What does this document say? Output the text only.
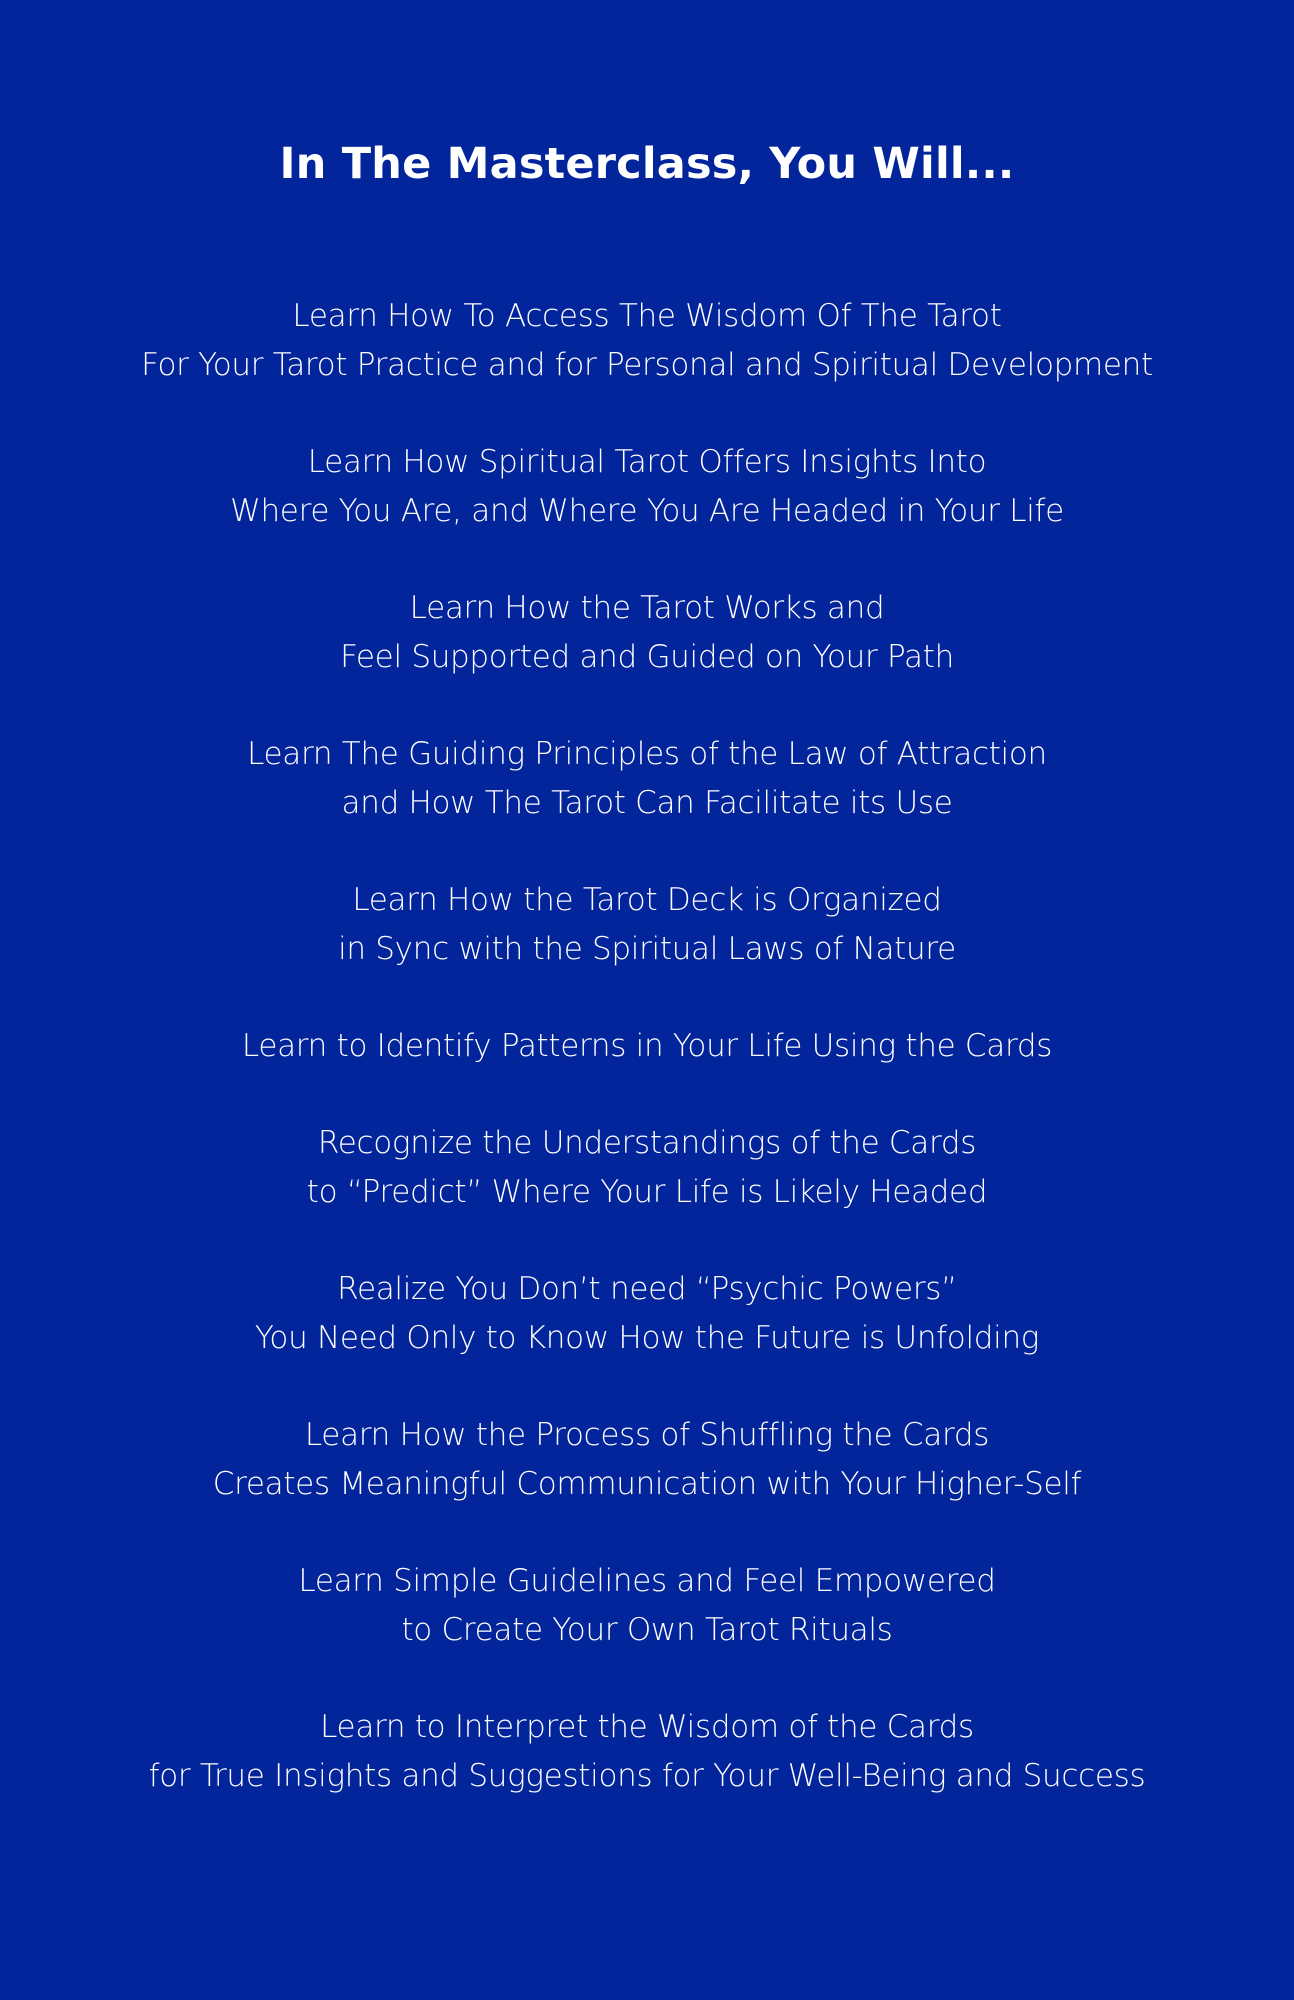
In The Masterclass, You Will...
Learn How To Access The Wisdom Of The Tarot
For Your Tarot Practice and for Personal and Spiritual Development
Learn How Spiritual Tarot Offers Insights Into
Where You Are, and Where You Are Headed in Your Life
Learn How the Tarot Works and
Feel Supported and Guided on Your Path
Learn The Guiding Principles of the Law of Attraction
and How The Tarot Can Facilitate its Use
Learn How the Tarot Deck is Organized
in Sync with the Spiritual Laws of Nature
Learn to Identify Patterns in Your Life Using the Cards
Recognize the Understandings of the Cards
to “Predict” Where Your Life is Likely Headed
Realize You Don’t need “Psychic Powers”
You Need Only to Know How the Future is Unfolding
Learn How the Process of Shuffling the Cards
Creates Meaningful Communication with Your Higher-Self
Learn Simple Guidelines and Feel Empowered
to Create Your Own Tarot Rituals
Learn to Interpret the Wisdom of the Cards
for True Insights and Suggestions for Your Well-Being and Success
